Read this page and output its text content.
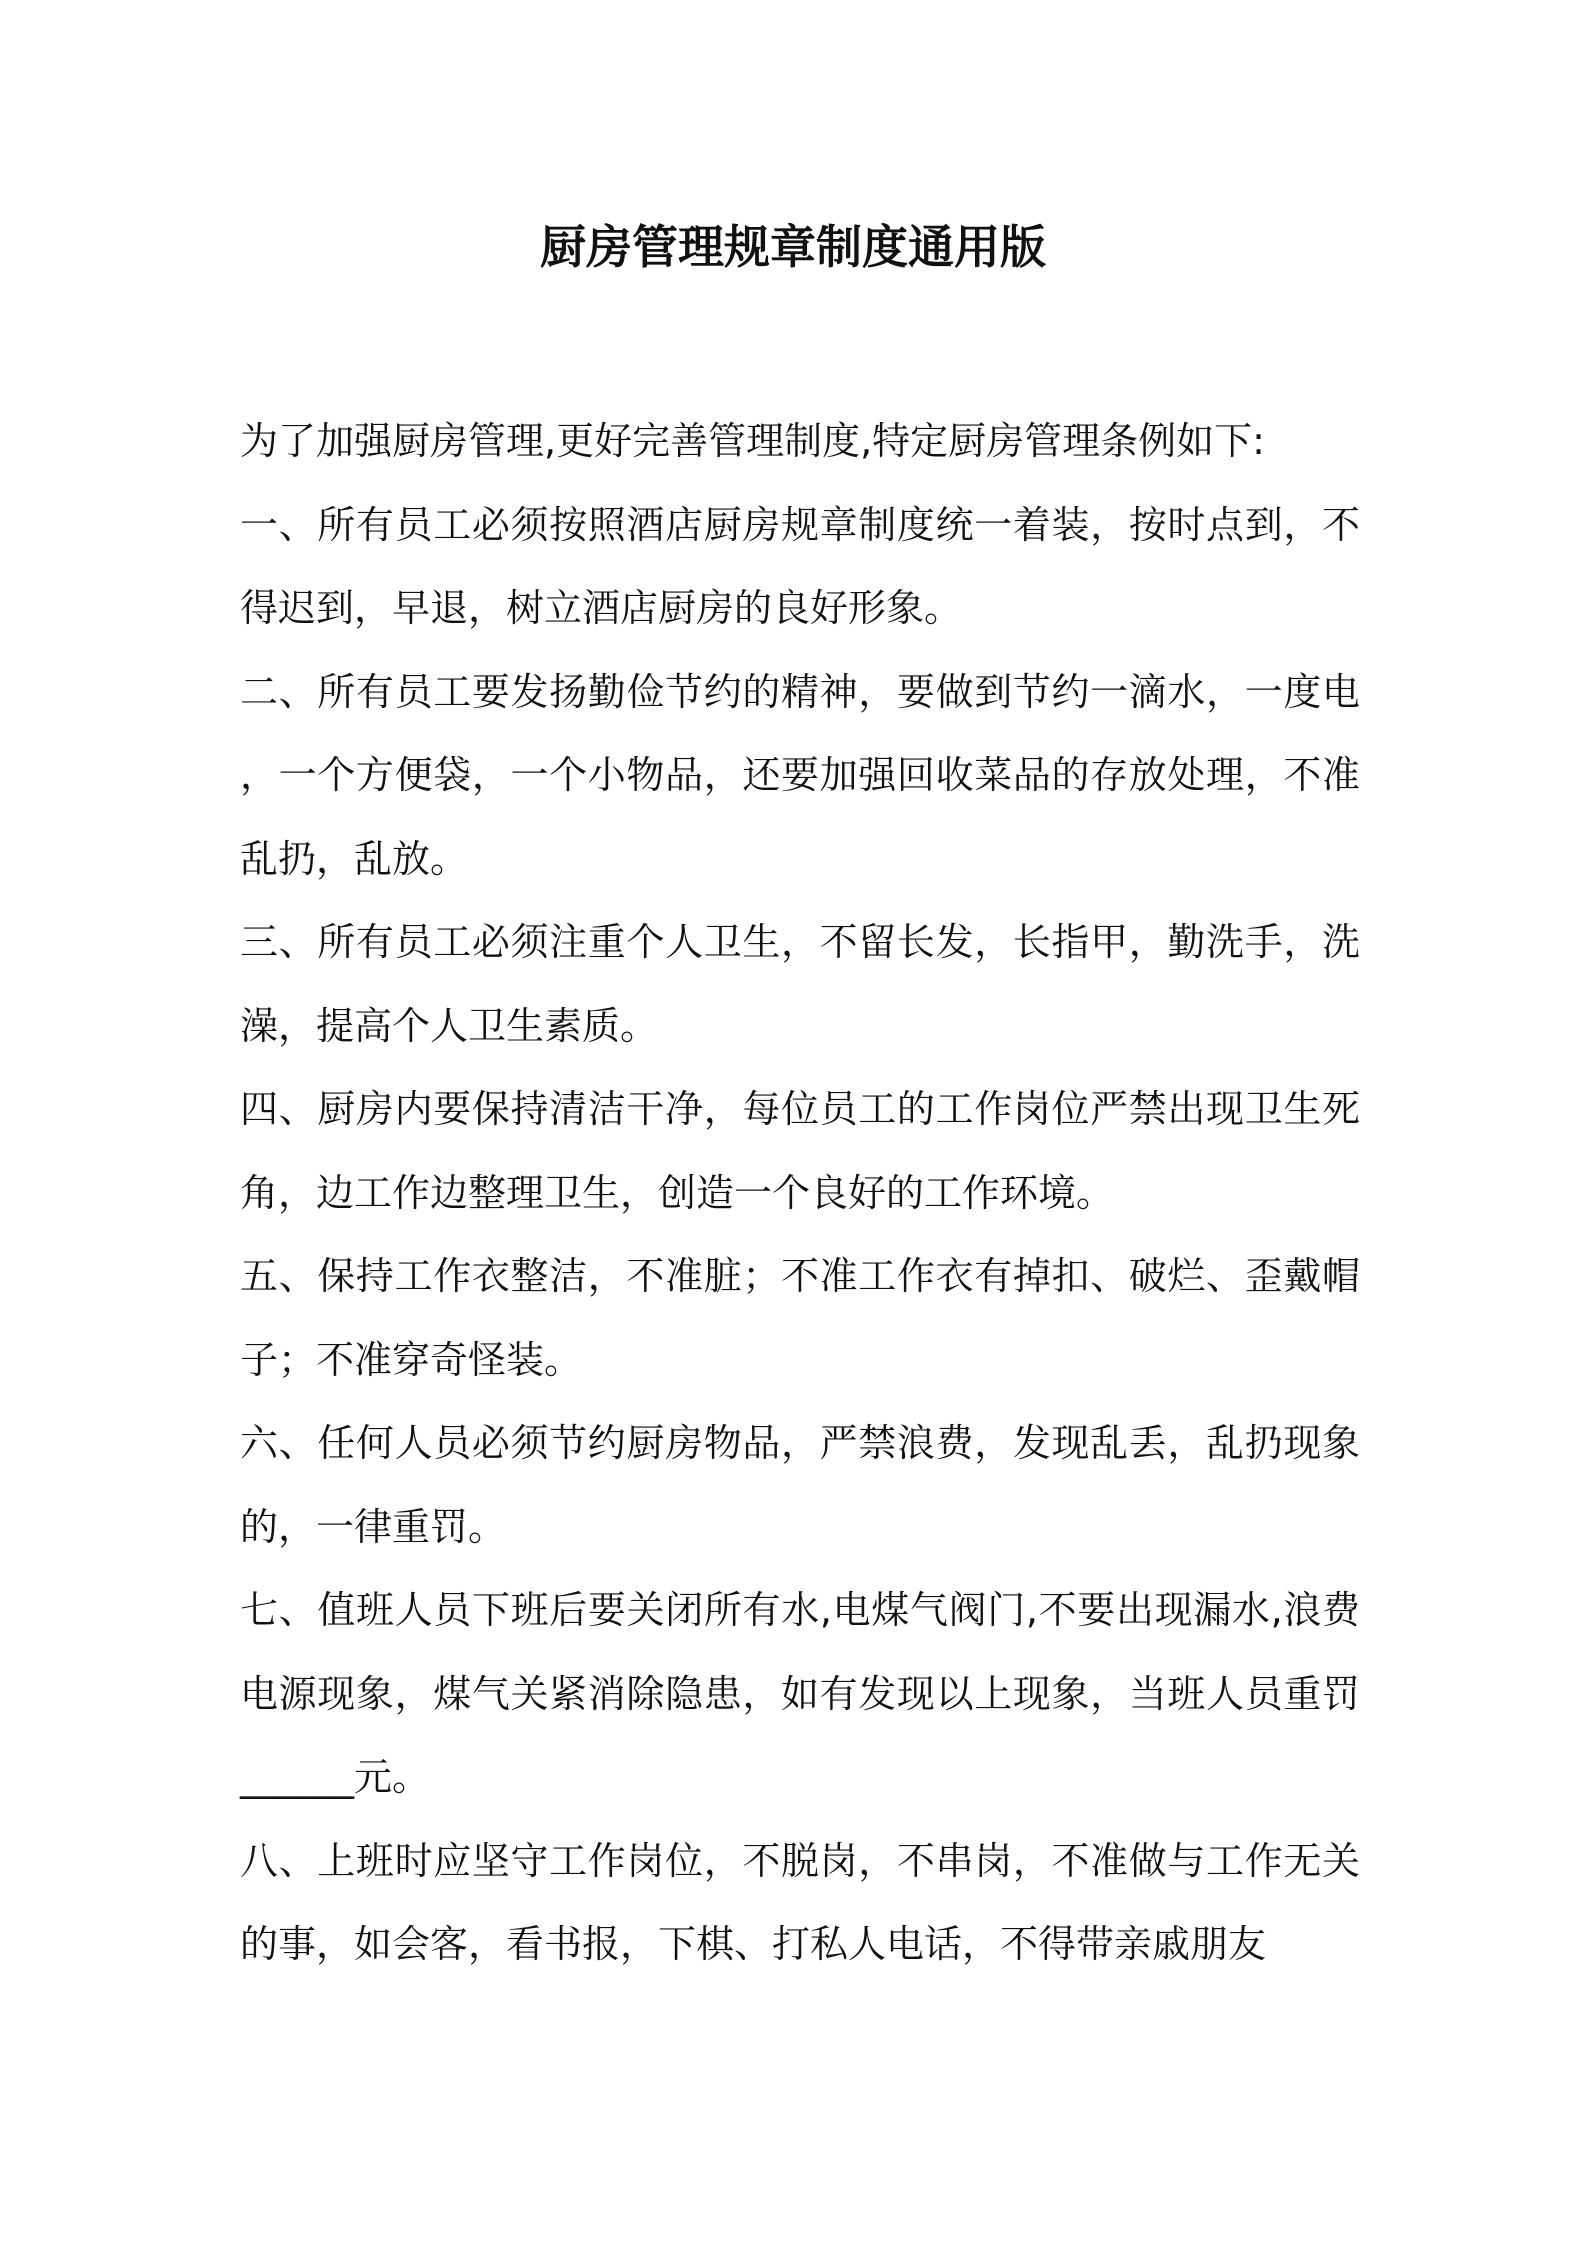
厨房管理规章制度通用版

为了加强厨房管理,更好完善管理制度,特定厨房管理条例如下:

一、所有员工必须按照酒店厨房规章制度统一着装，按时点到，不得迟到，早退，树立酒店厨房的良好形象。

二、所有员工要发扬勤俭节约的精神，要做到节约一滴水，一度电，一个方便袋，一个小物品，还要加强回收菜品的存放处理，不准乱扔，乱放。

三、所有员工必须注重个人卫生，不留长发，长指甲，勤洗手，洗澡，提高个人卫生素质。

四、厨房内要保持清洁干净，每位员工的工作岗位严禁出现卫生死角，边工作边整理卫生，创造一个良好的工作环境。

五、保持工作衣整洁，不准脏；不准工作衣有掉扣、破烂、歪戴帽子；不准穿奇怪装。

六、任何人员必须节约厨房物品，严禁浪费，发现乱丢，乱扔现象的，一律重罚。

七、值班人员下班后要关闭所有水,电煤气阀门,不要出现漏水,浪费电源现象，煤气关紧消除隐患，如有发现以上现象，当班人员重罚______元。

八、上班时应坚守工作岗位，不脱岗，不串岗，不准做与工作无关的事，如会客，看书报，下棋、打私人电话，不得带亲戚朋友
